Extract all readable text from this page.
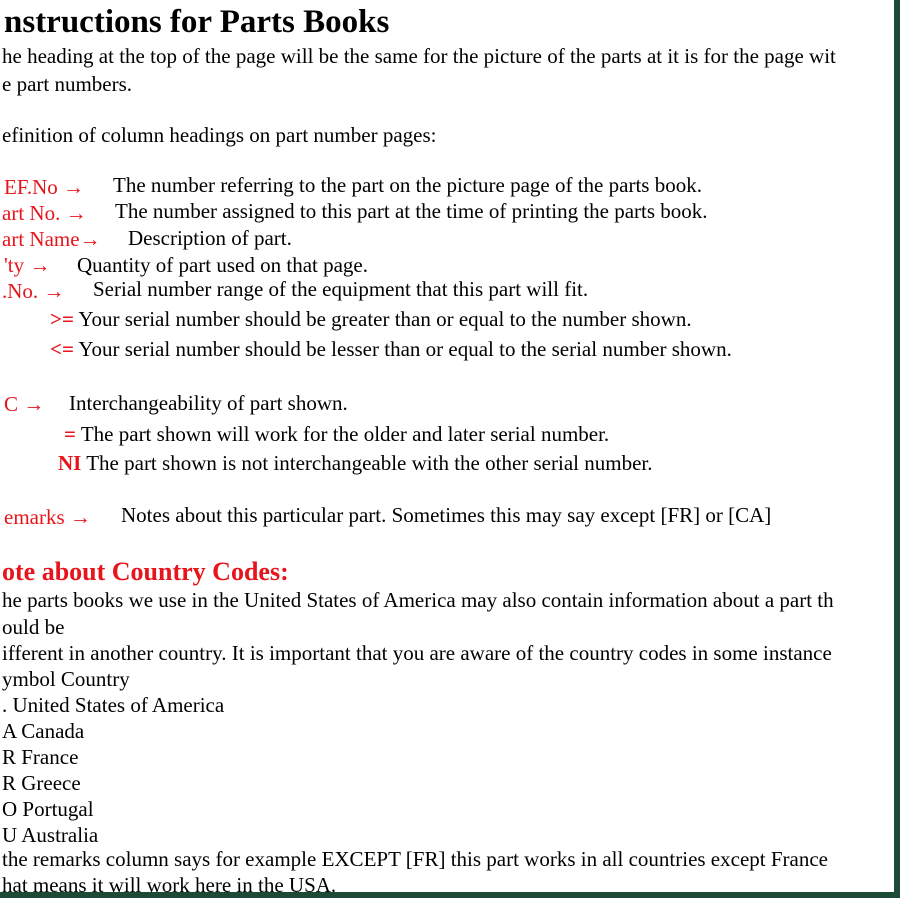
nstructions for Parts Books
he heading at the top of the page will be the same for the picture of the parts at it is for the page wit
e part numbers.
efinition of column headings on part number pages:
EF.No → The number referring to the part on the picture page of the parts book.
art No. → The number assigned to this part at the time of printing the parts book.
art Name→ Description of part.
'ty → Quantity of part used on that page.
.No. → Serial number range of the equipment that this part will fit.
>= Your serial number should be greater than or equal to the number shown.
<= Your serial number should be lesser than or equal to the serial number shown.
C → Interchangeability of part shown.
= The part shown will work for the older and later serial number.
NI The part shown is not interchangeable with the other serial number.
emarks → Notes about this particular part. Sometimes this may say except [FR] or [CA]
ote about Country Codes:
he parts books we use in the United States of America may also contain information about a part th
ould be
ifferent in another country. It is important that you are aware of the country codes in some instance
ymbol Country
. United States of America
A Canada
R France
R Greece
O Portugal
U Australia
the remarks column says for example EXCEPT [FR] this part works in all countries except France
hat means it will work here in the USA.
